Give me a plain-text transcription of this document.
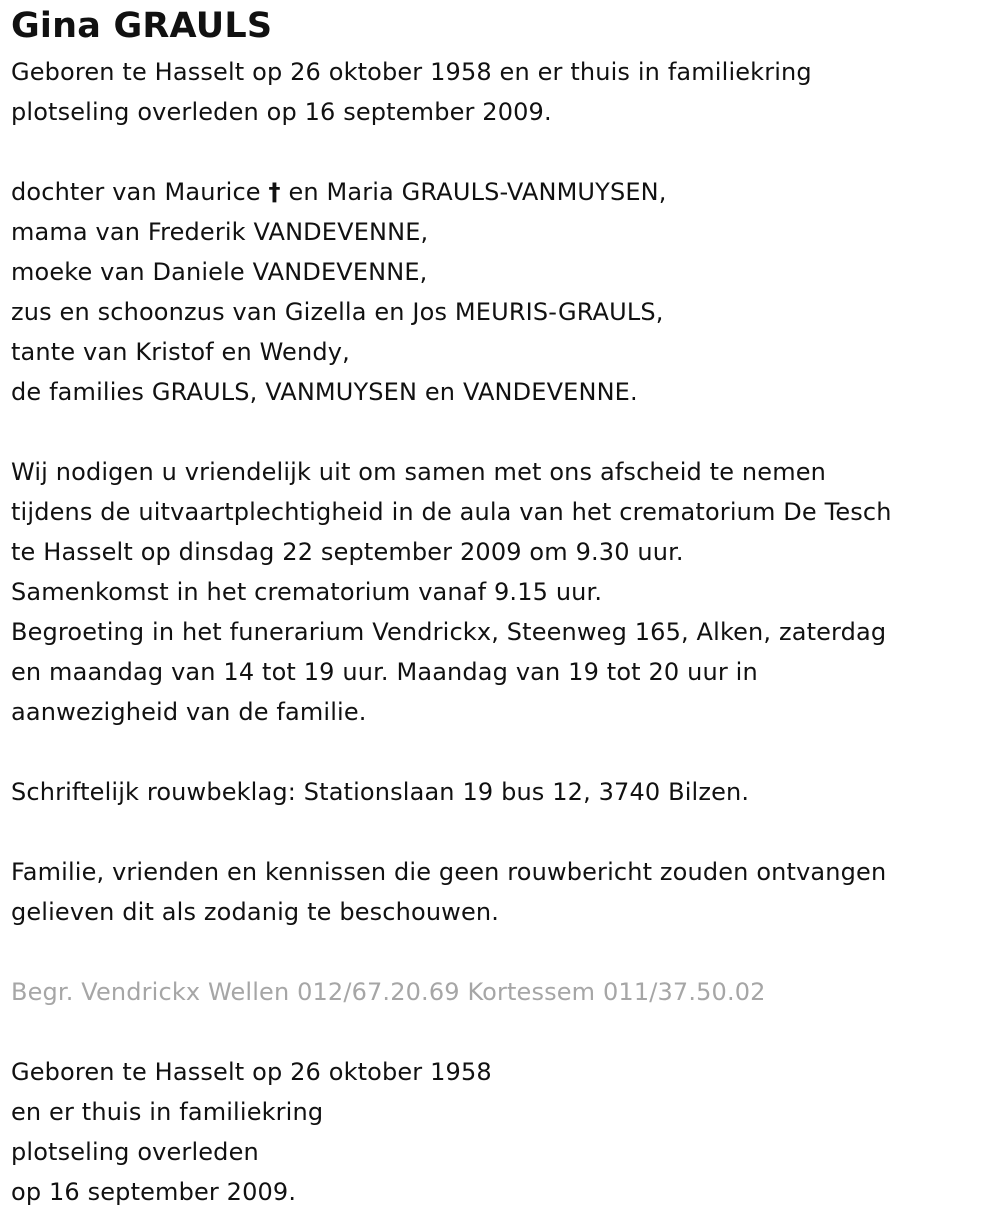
Gina GRAULS
Geboren te Hasselt op 26 oktober 1958 en er thuis in familiekring
plotseling overleden op 16 september 2009.
dochter van Maurice † en Maria GRAULS-VANMUYSEN,
mama van Frederik VANDEVENNE,
moeke van Daniele VANDEVENNE,
zus en schoonzus van Gizella en Jos MEURIS-GRAULS,
tante van Kristof en Wendy,
de families GRAULS, VANMUYSEN en VANDEVENNE.
Wij nodigen u vriendelijk uit om samen met ons afscheid te nemen
tijdens de uitvaartplechtigheid in de aula van het crematorium De Tesch
te Hasselt op dinsdag 22 september 2009 om 9.30 uur.
Samenkomst in het crematorium vanaf 9.15 uur.
Begroeting in het funerarium Vendrickx, Steenweg 165, Alken, zaterdag
en maandag van 14 tot 19 uur. Maandag van 19 tot 20 uur in
aanwezigheid van de familie.
Schriftelijk rouwbeklag: Stationslaan 19 bus 12, 3740 Bilzen.
Familie, vrienden en kennissen die geen rouwbericht zouden ontvangen
gelieven dit als zodanig te beschouwen.
Begr. Vendrickx Wellen 012/67.20.69 Kortessem 011/37.50.02
Geboren te Hasselt op 26 oktober 1958
en er thuis in familiekring
plotseling overleden
op 16 september 2009.
